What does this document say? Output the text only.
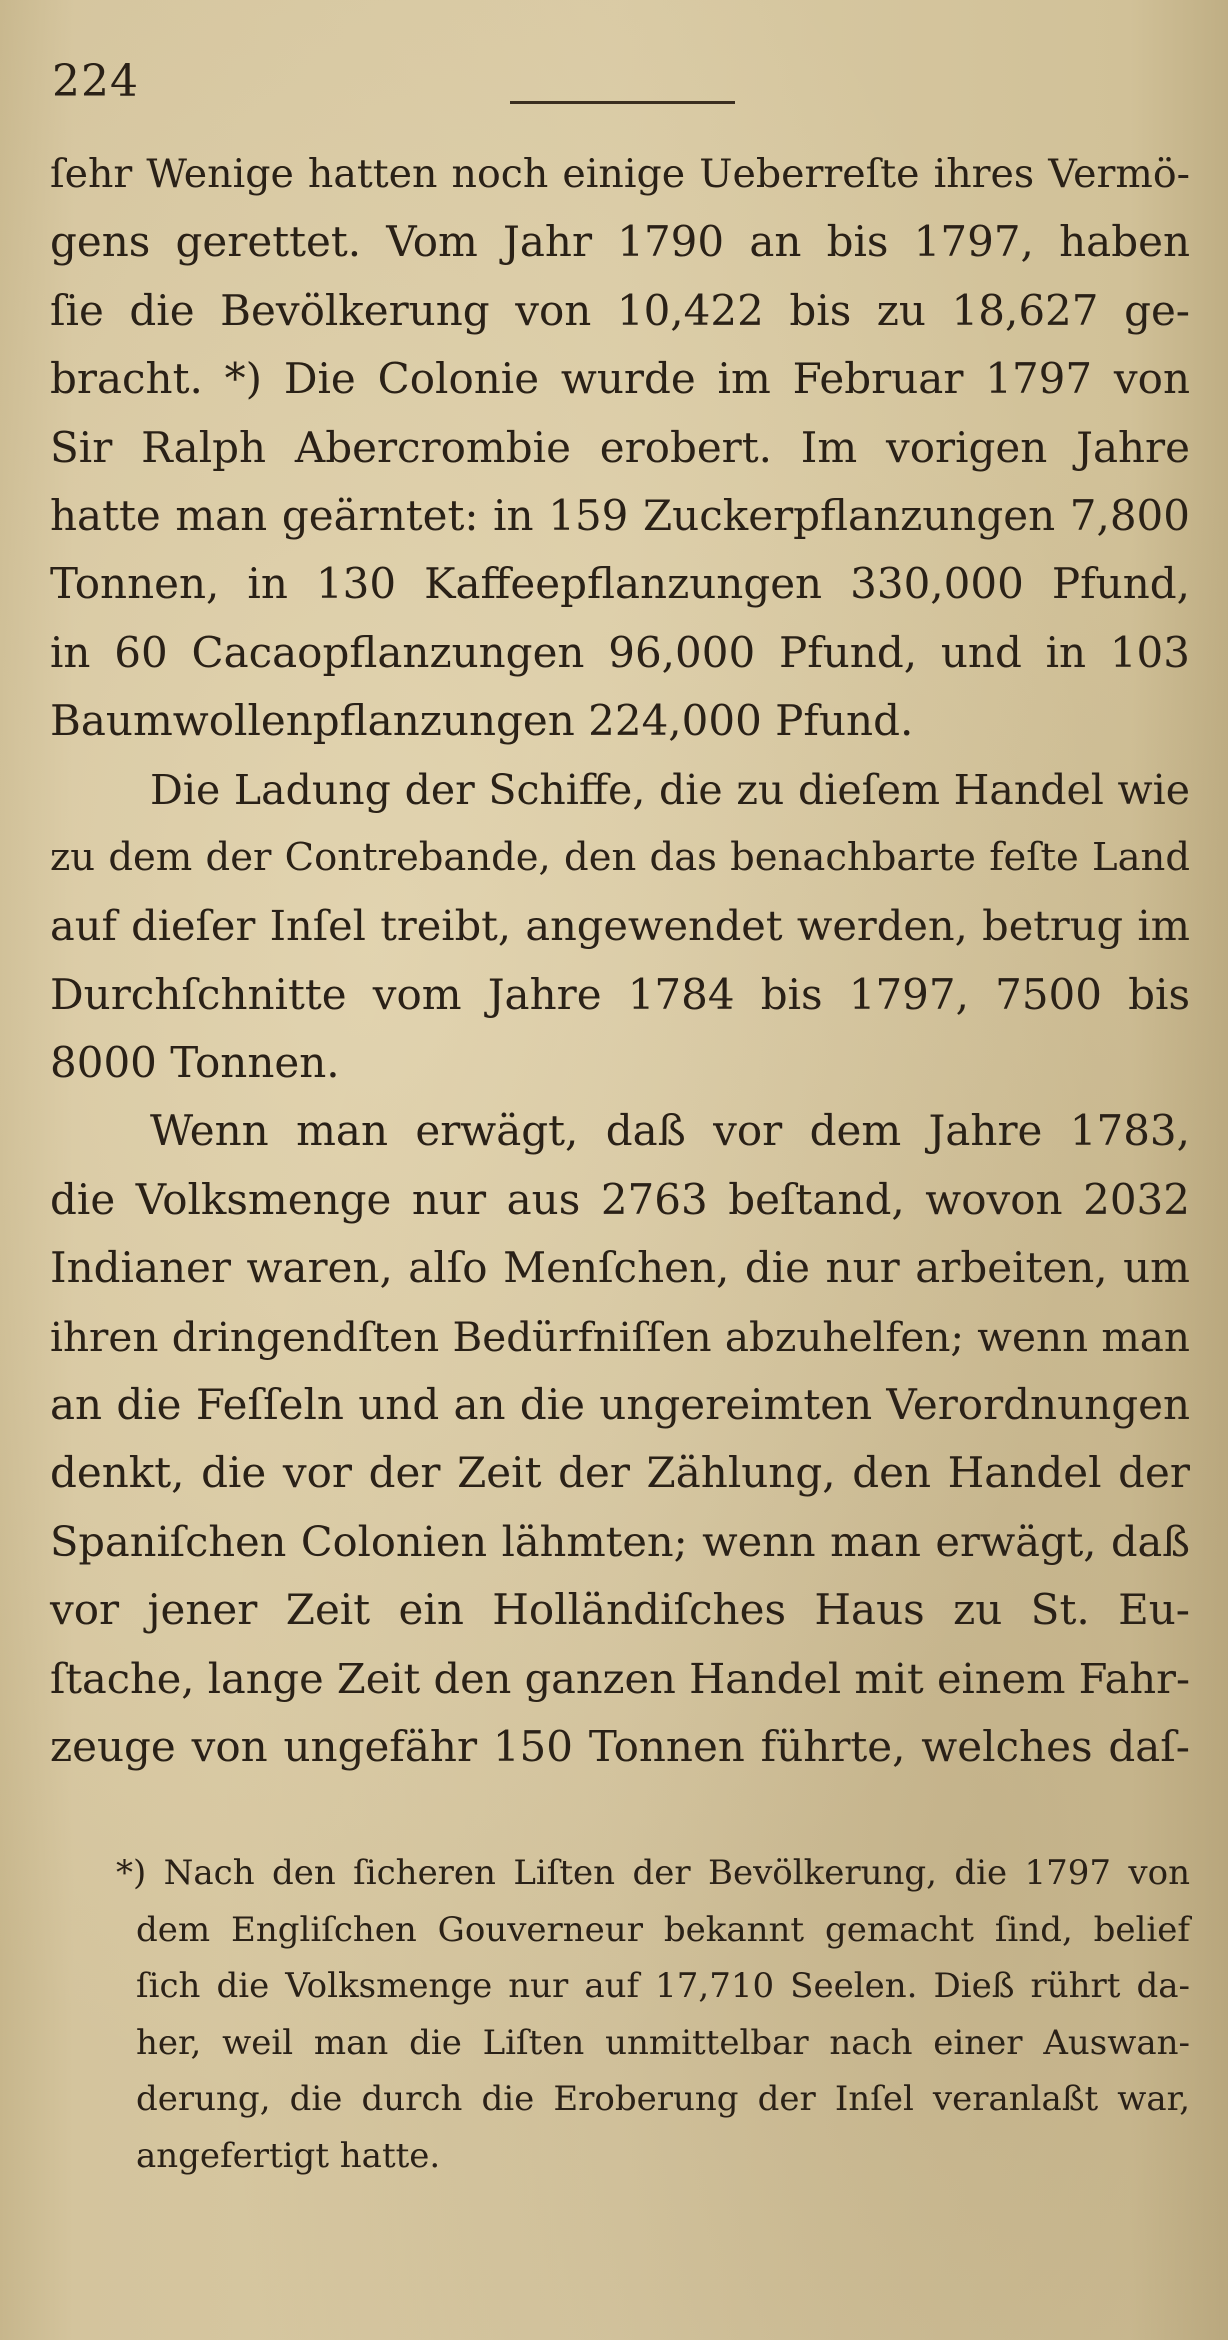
224
ſehr Wenige hatten noch einige Ueberreſte ihres Vermö-
gens gerettet. Vom Jahr 1790 an bis 1797, haben
ſie die Bevölkerung von 10,422 bis zu 18,627 ge-
bracht. *) Die Colonie wurde im Februar 1797 von
Sir Ralph Abercrombie erobert. Im vorigen Jahre
hatte man geärntet: in 159 Zuckerpflanzungen 7,800
Tonnen, in 130 Kaffeepflanzungen 330,000 Pfund,
in 60 Cacaopflanzungen 96,000 Pfund, und in 103
Baumwollenpflanzungen 224,000 Pfund.
Die Ladung der Schiffe, die zu dieſem Handel wie
zu dem der Contrebande, den das benachbarte feſte Land
auf dieſer Inſel treibt, angewendet werden, betrug im
Durchſchnitte vom Jahre 1784 bis 1797, 7500 bis
8000 Tonnen.
Wenn man erwägt, daß vor dem Jahre 1783,
die Volksmenge nur aus 2763 beſtand, wovon 2032
Indianer waren, alſo Menſchen, die nur arbeiten, um
ihren dringendſten Bedürfniſſen abzuhelfen; wenn man
an die Feſſeln und an die ungereimten Verordnungen
denkt, die vor der Zeit der Zählung, den Handel der
Spaniſchen Colonien lähmten; wenn man erwägt, daß
vor jener Zeit ein Holländiſches Haus zu St. Eu-
ſtache, lange Zeit den ganzen Handel mit einem Fahr-
zeuge von ungefähr 150 Tonnen führte, welches daſ-
*) Nach den ſicheren Liſten der Bevölkerung, die 1797 von
dem Engliſchen Gouverneur bekannt gemacht ſind, belief
ſich die Volksmenge nur auf 17,710 Seelen. Dieß rührt da-
her, weil man die Liſten unmittelbar nach einer Auswan-
derung, die durch die Eroberung der Inſel veranlaßt war,
angefertigt hatte.
